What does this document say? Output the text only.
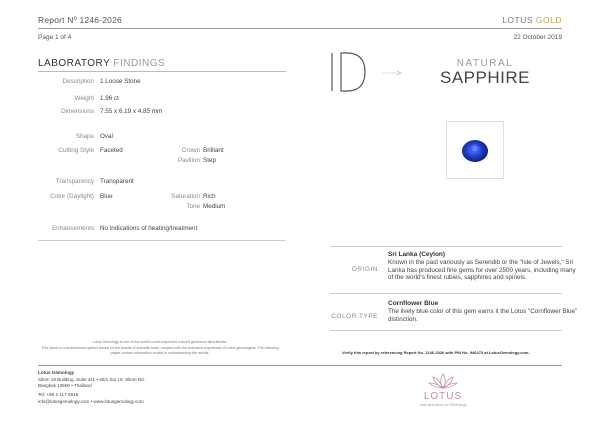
Report Nº 1246-2026	LOTUS GOLD
Page 1 of 4	22 October 2019
LABORATORY FINDINGS
Description 1 Loose Stone
Weight 1.96 ct
Dimensions 7.55 x 6.19 x 4.85 mm
Shape Oval
Cutting Style Faceted	Crown Brilliant
Pavilion Step
Transparency Transparent
Color (Daylight) Blue	Saturation Rich
Tone Medium
Enhancements No indications of heating/treatment
NATURAL
SAPPHIRE
ORIGIN
Sri Lanka (Ceylon)
Known in the past variously as Serendib or the "Isle of Jewels," Sri Lanka has produced fine gems for over 2500 years, including many of the world's finest rubies, sapphires and spinels.
COLOR TYPE
Cornflower Blue
The lively blue color of this gem earns it the Lotus "Cornflower Blue" distinction.
Lotus Gemology is one of the world's most respected colored gemstone laboratories.
This report is a professional opinion based on the results of scientific tests, coupled with the extensive experience of Lotus gemologists. The following pages contain information crucial to understanding the results.	Verify this report by referencing Report No. 1246-2026 with PIN No. 946473 at LotusGemology.com.
Lotus Gemology
Silom 19 Building, Suite 411 • 45/1 Soi 19, Silom Rd.
Bangkok 10500 • Thailand
Tel: +66 2 117 3616
info@lotusgemology.com • www.lotusgemology.com	LOTUS
new directions in GEMology
